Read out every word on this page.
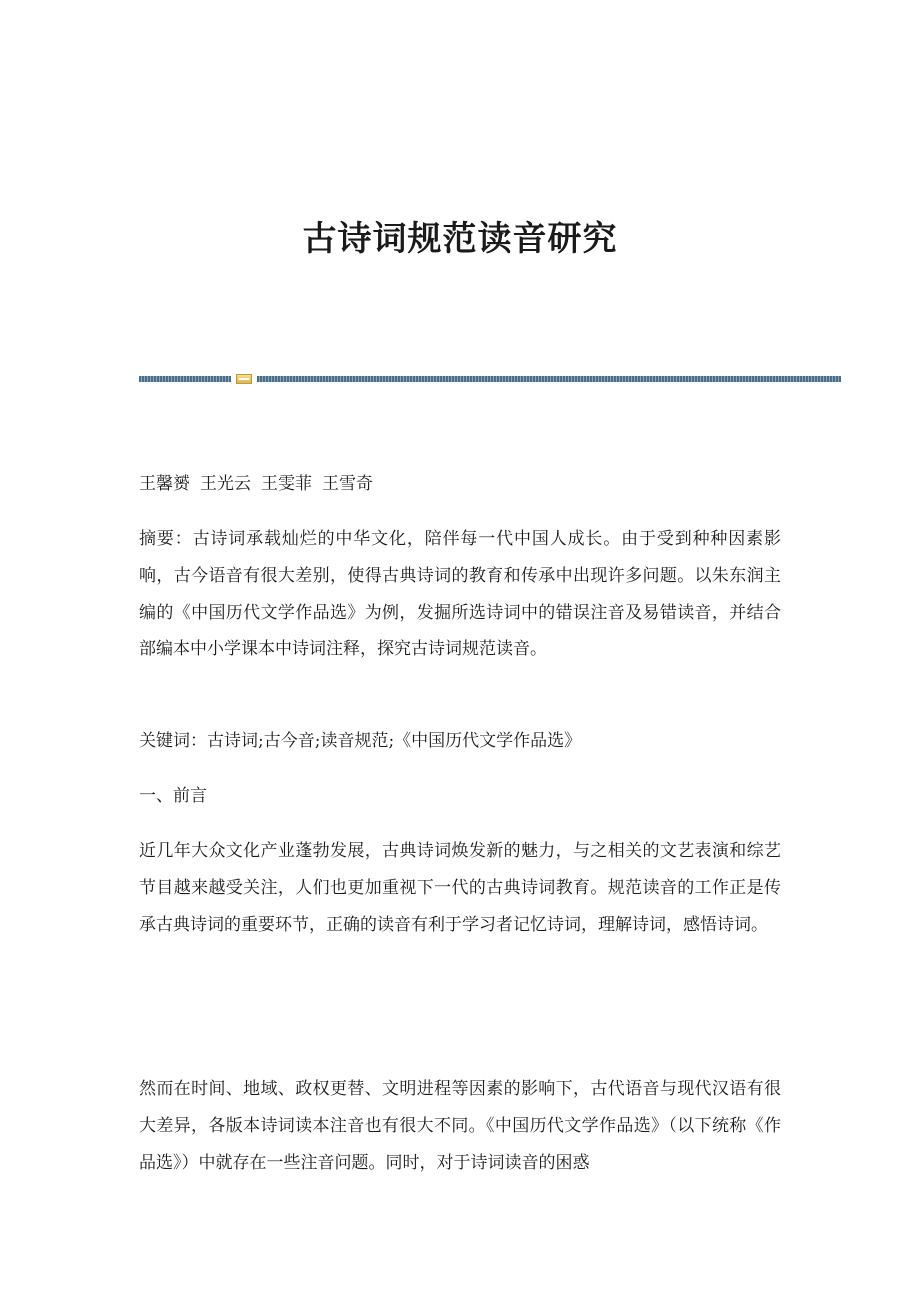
古诗词规范读音研究

王馨赟 王光云 王雯菲 王雪奇

摘要：古诗词承载灿烂的中华文化，陪伴每一代中国人成长。由于受到种种因素影响，古今语音有很大差别，使得古典诗词的教育和传承中出现许多问题。以朱东润主编的《中国历代文学作品选》为例，发掘所选诗词中的错误注音及易错读音，并结合部编本中小学课本中诗词注释，探究古诗词规范读音。

关键词：古诗词;古今音;读音规范;《中国历代文学作品选》

一、前言

近几年大众文化产业蓬勃发展，古典诗词焕发新的魅力，与之相关的文艺表演和综艺节目越来越受关注，人们也更加重视下一代的古典诗词教育。规范读音的工作正是传承古典诗词的重要环节，正确的读音有利于学习者记忆诗词，理解诗词，感悟诗词。

然而在时间、地域、政权更替、文明进程等因素的影响下，古代语音与现代汉语有很大差异，各版本诗词读本注音也有很大不同。《中国历代文学作品选》（以下统称《作品选》）中就存在一些注音问题。同时，对于诗词读音的困惑
